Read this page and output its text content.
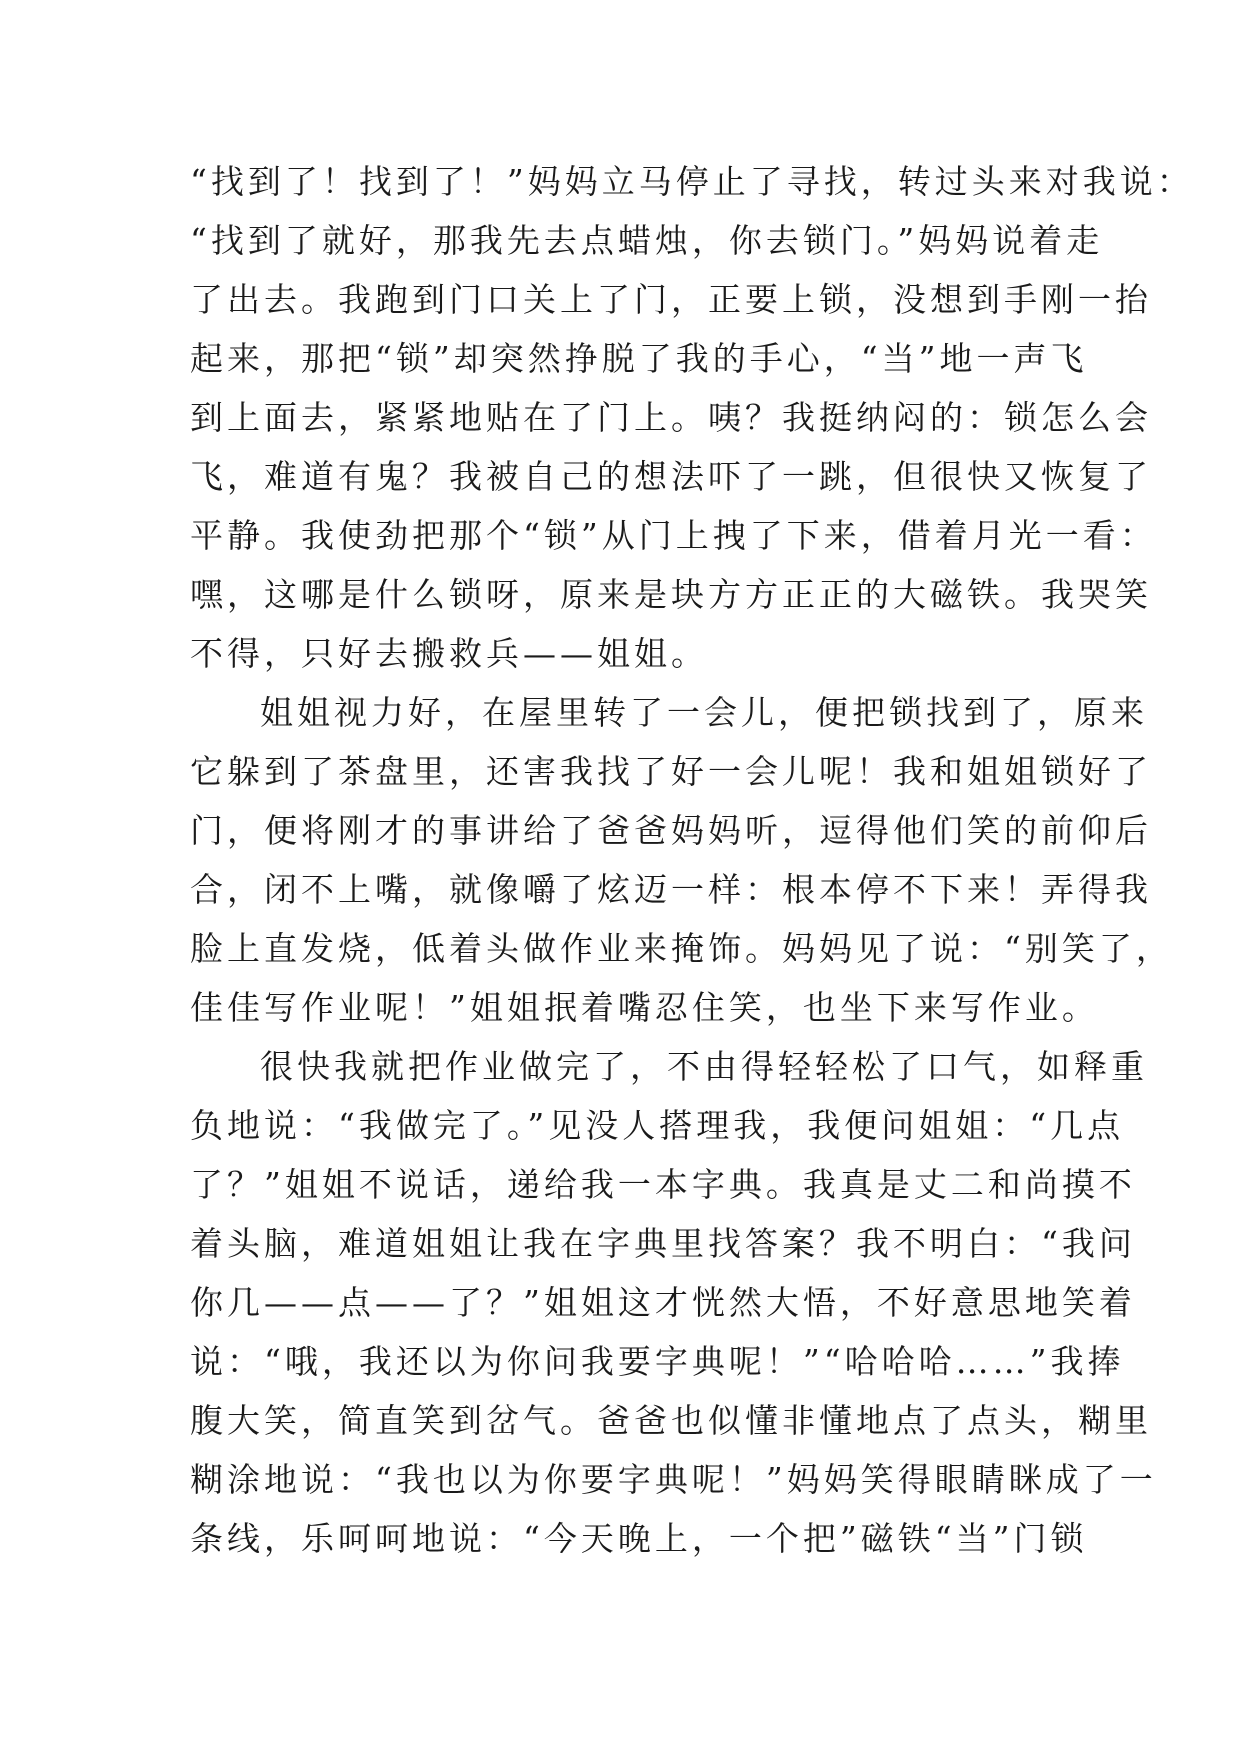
“找到了！找到了！”妈妈立马停止了寻找，转过头来对我说：
“找到了就好，那我先去点蜡烛，你去锁门。”妈妈说着走
了出去。我跑到门口关上了门，正要上锁，没想到手刚一抬
起来，那把“锁”却突然挣脱了我的手心，“当”地一声飞
到上面去，紧紧地贴在了门上。咦？我挺纳闷的：锁怎么会
飞，难道有鬼？我被自己的想法吓了一跳，但很快又恢复了
平静。我使劲把那个“锁”从门上拽了下来，借着月光一看：
嘿，这哪是什么锁呀，原来是块方方正正的大磁铁。我哭笑
不得，只好去搬救兵——姐姐。
姐姐视力好，在屋里转了一会儿，便把锁找到了，原来
它躲到了茶盘里，还害我找了好一会儿呢！我和姐姐锁好了
门，便将刚才的事讲给了爸爸妈妈听，逗得他们笑的前仰后
合，闭不上嘴，就像嚼了炫迈一样：根本停不下来！弄得我
脸上直发烧，低着头做作业来掩饰。妈妈见了说：“别笑了，
佳佳写作业呢！”姐姐抿着嘴忍住笑，也坐下来写作业。
很快我就把作业做完了，不由得轻轻松了口气，如释重
负地说：“我做完了。”见没人搭理我，我便问姐姐：“几点
了？”姐姐不说话，递给我一本字典。我真是丈二和尚摸不
着头脑，难道姐姐让我在字典里找答案？我不明白：“我问
你几——点——了？”姐姐这才恍然大悟，不好意思地笑着
说：“哦，我还以为你问我要字典呢！”“哈哈哈……”我捧
腹大笑，简直笑到岔气。爸爸也似懂非懂地点了点头，糊里
糊涂地说：“我也以为你要字典呢！”妈妈笑得眼睛眯成了一
条线，乐呵呵地说：“今天晚上，一个把”磁铁“当”门锁
